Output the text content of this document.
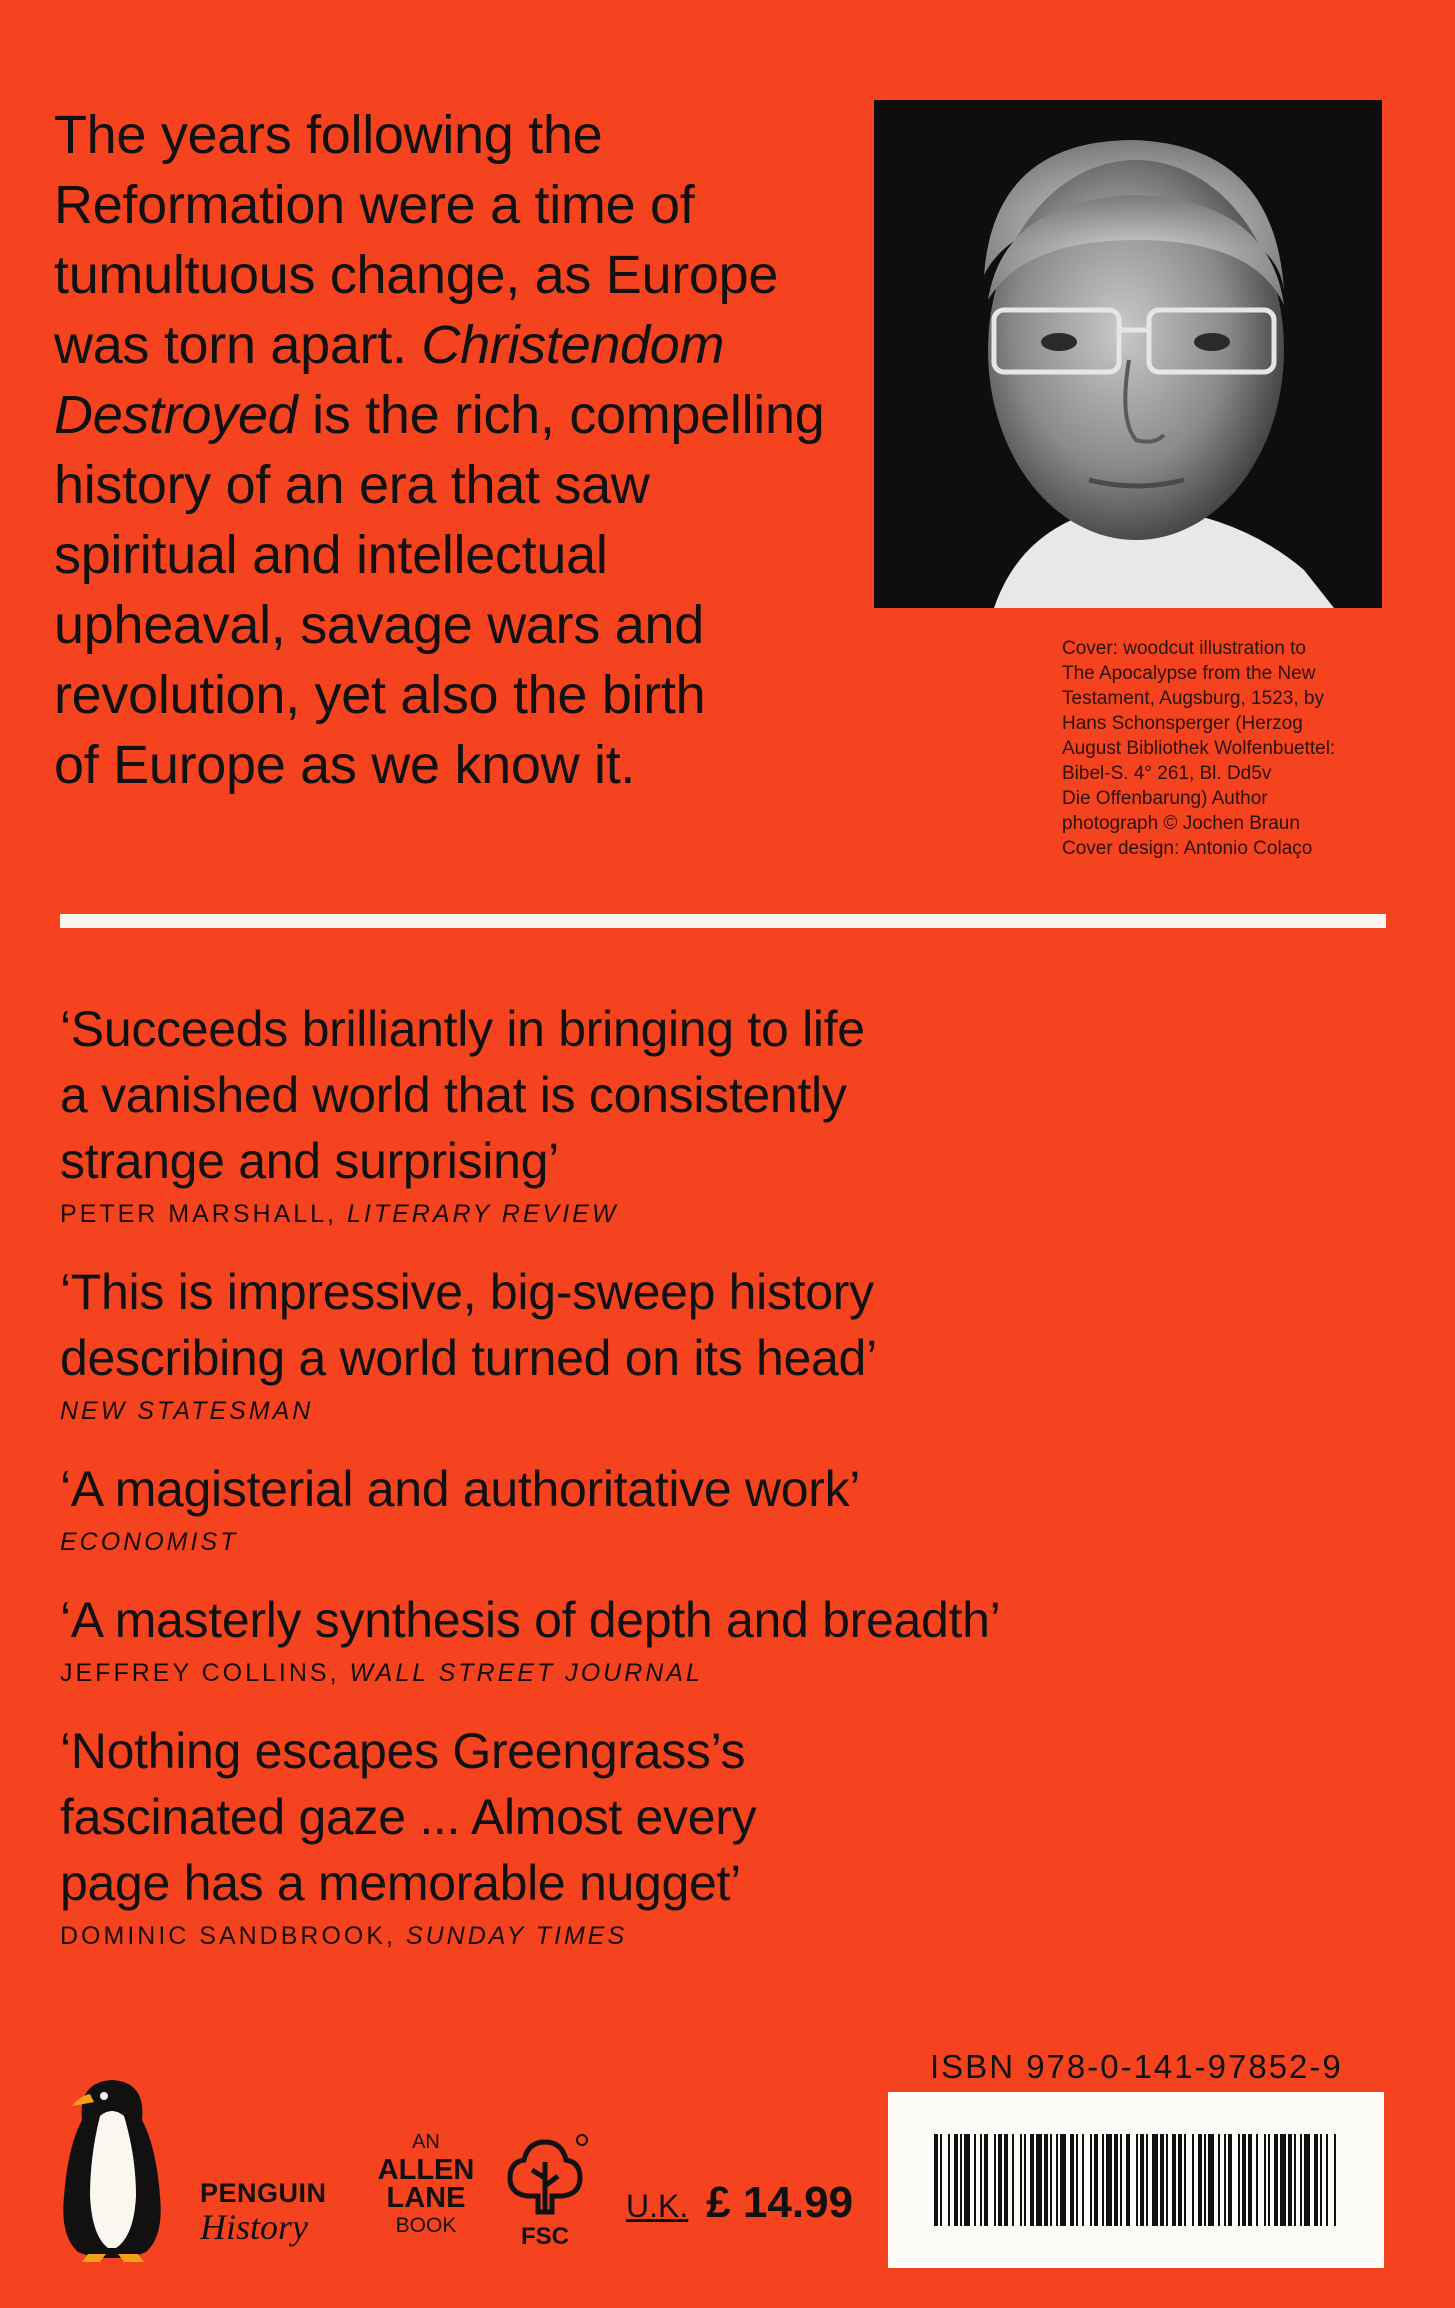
The years following the
Reformation were a time of
tumultuous change, as Europe
was torn apart. Christendom
Destroyed is the rich, compelling
history of an era that saw
spiritual and intellectual
upheaval, savage wars and
revolution, yet also the birth
of Europe as we know it.
Cover: woodcut illustration to
The Apocalypse from the New
Testament, Augsburg, 1523, by
Hans Schonsperger (Herzog
August Bibliothek Wolfenbuettel:
Bibel-S. 4° 261, Bl. Dd5v
Die Offenbarung) Author
photograph © Jochen Braun
Cover design: Antonio Colaço
‘Succeeds brilliantly in bringing to life
a vanished world that is consistently
strange and surprising’
PETER MARSHALL, LITERARY REVIEW
‘This is impressive, big-sweep history
describing a world turned on its head’
NEW STATESMAN
‘A magisterial and authoritative work’
ECONOMIST
‘A masterly synthesis of depth and breadth’
JEFFREY COLLINS, WALL STREET JOURNAL
‘Nothing escapes Greengrass’s
fascinated gaze ... Almost every
page has a memorable nugget’
DOMINIC SANDBROOK, SUNDAY TIMES
ISBN 978-0-141-97852-9
PENGUIN
History
AN
ALLEN
LANE
BOOK	FSC
U.K. £ 14.99
